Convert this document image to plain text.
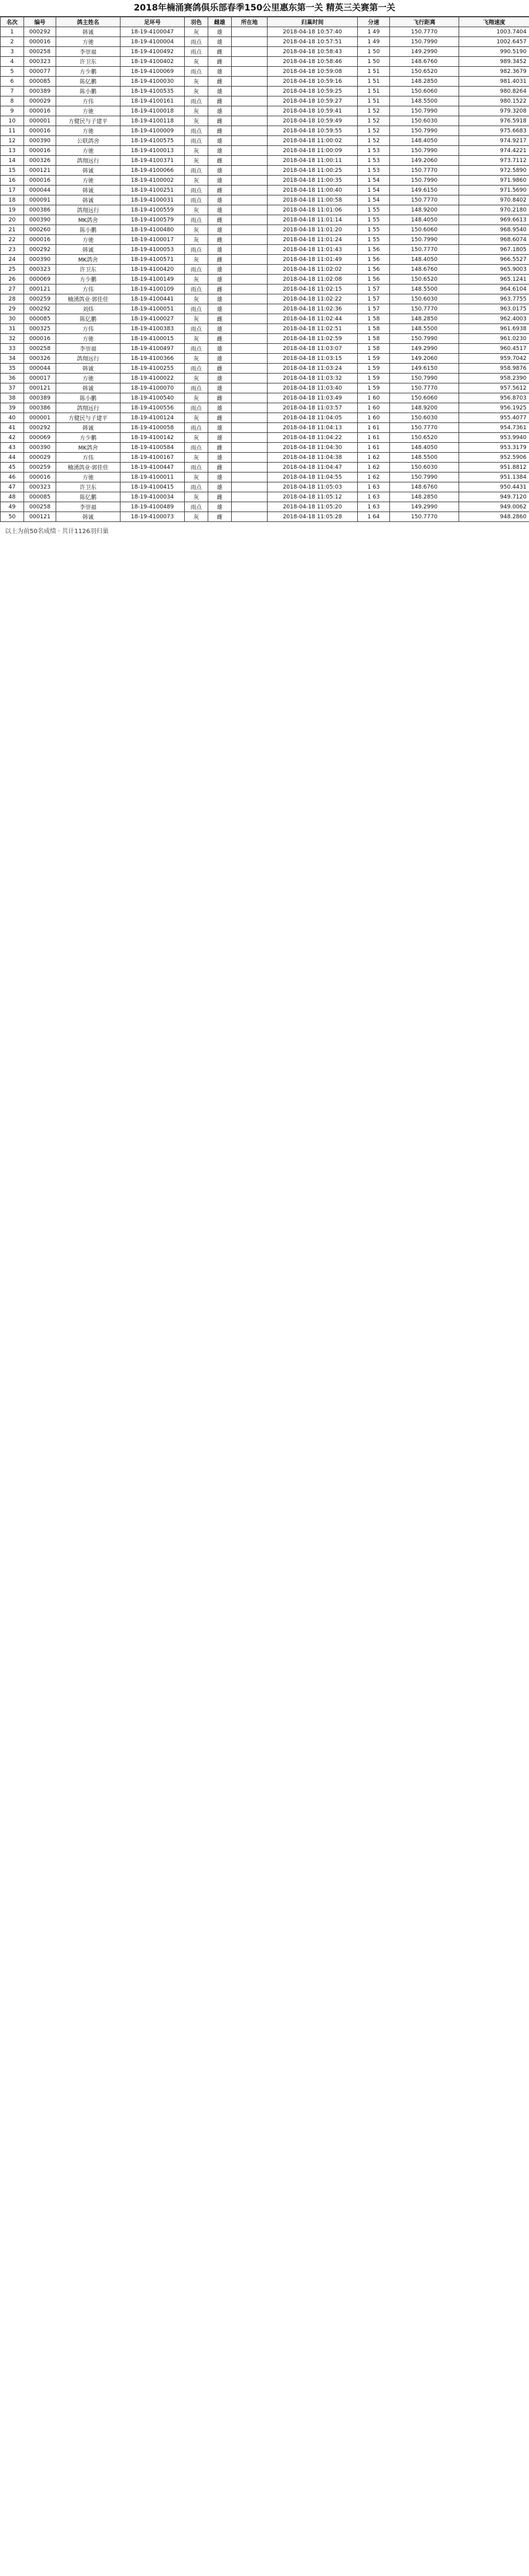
2018年楠涌赛鸽俱乐部春季150公里惠东第一关 精英三关赛第一关
名次	编号	鸽主姓名	足环号	羽色	雌雄	所在地	归巢时间	分速	飞行距离	飞翔速度
1	000292	韩诚	18-19-4100047	灰	雄		2018-04-18 10:57:40	1 49	150.7770	1003.7404
2	000016	方驰	18-19-4100004	雨点	雄		2018-04-18 10:57:51	1 49	150.7990	1002.6457
3	000258	李崇福	18-19-4100492	雨点	雌		2018-04-18 10:58:43	1 50	149.2990	990.5190
4	000323	许卫东	18-19-4100402	灰	雌		2018-04-18 10:58:46	1 50	148.6760	989.3452
5	000077	方少鹏	18-19-4100069	雨点	雄		2018-04-18 10:59:08	1 51	150.6520	982.3679
6	000085	陈亿鹏	18-19-4100030	灰	雌		2018-04-18 10:59:16	1 51	148.2850	981.4031
7	000389	陈小鹏	18-19-4100535	灰	雄		2018-04-18 10:59:25	1 51	150.6060	980.8264
8	000029	方伟	18-19-4100161	雨点	雌		2018-04-18 10:59:27	1 51	148.5500	980.1522
9	000016	方驰	18-19-4100018	灰	雄		2018-04-18 10:59:41	1 52	150.7990	979.3208
10	000001	方健民与子建平	18-19-4100118	灰	雌		2018-04-18 10:59:49	1 52	150.6030	976.5918
11	000016	方驰	18-19-4100009	雨点	雌		2018-04-18 10:59:55	1 52	150.7990	975.6683
12	000390	公联鸽舍	18-19-4100575	雨点	雄		2018-04-18 11:00:02	1 52	148.4050	974.9217
13	000016	方驰	18-19-4100013	灰	雄		2018-04-18 11:00:09	1 53	150.7990	974.4221
14	000326	鸽翔远行	18-19-4100371	灰	雌		2018-04-18 11:00:11	1 53	149.2060	973.7112
15	000121	韩诚	18-19-4100066	雨点	雄		2018-04-18 11:00:25	1 53	150.7770	972.5890
16	000016	方驰	18-19-4100002	灰	雄		2018-04-18 11:00:35	1 54	150.7990	971.9860
17	000044	韩诚	18-19-4100251	雨点	雌		2018-04-18 11:00:40	1 54	149.6150	971.5690
18	000091	韩诚	18-19-4100031	雨点	雄		2018-04-18 11:00:58	1 54	150.7770	970.8402
19	000386	鸽翔远行	18-19-4100559	灰	雄		2018-04-18 11:01:06	1 55	148.9200	970.2180
20	000390	MK鸽舍	18-19-4100579	雨点	雌		2018-04-18 11:01:14	1 55	148.4050	969.6613
21	000260	陈小鹏	18-19-4100480	灰	雄		2018-04-18 11:01:20	1 55	150.6060	968.9540
22	000016	方驰	18-19-4100017	灰	雌		2018-04-18 11:01:24	1 55	150.7990	968.6074
23	000292	韩诚	18-19-4100053	雨点	雄		2018-04-18 11:01:43	1 56	150.7770	967.1805
24	000390	MK鸽舍	18-19-4100571	灰	雌		2018-04-18 11:01:49	1 56	148.4050	966.5527
25	000323	许卫东	18-19-4100420	雨点	雄		2018-04-18 11:02:02	1 56	148.6760	965.9003
26	000069	方少鹏	18-19-4100149	灰	雄		2018-04-18 11:02:08	1 56	150.6520	965.1241
27	000121	方伟	18-19-4100109	雨点	雌		2018-04-18 11:02:15	1 57	148.5500	964.6104
28	000259	楠湧鸽业·郭佳佳	18-19-4100441	灰	雄		2018-04-18 11:02:22	1 57	150.6030	963.7755
29	000292	刘炜	18-19-4100051	雨点	雄		2018-04-18 11:02:36	1 57	150.7770	963.0175
30	000085	陈亿鹏	18-19-4100027	灰	雌		2018-04-18 11:02:44	1 58	148.2850	962.4003
31	000325	方伟	18-19-4100383	雨点	雄		2018-04-18 11:02:51	1 58	148.5500	961.6938
32	000016	方驰	18-19-4100015	灰	雌		2018-04-18 11:02:59	1 58	150.7990	961.0230
33	000258	李崇福	18-19-4100497	雨点	雄		2018-04-18 11:03:07	1 58	149.2990	960.4517
34	000326	鸽翔远行	18-19-4100366	灰	雄		2018-04-18 11:03:15	1 59	149.2060	959.7042
35	000044	韩诚	18-19-4100255	雨点	雌		2018-04-18 11:03:24	1 59	149.6150	958.9876
36	000017	方驰	18-19-4100022	灰	雄		2018-04-18 11:03:32	1 59	150.7990	958.2390
37	000121	韩诚	18-19-4100070	雨点	雄		2018-04-18 11:03:40	1 59	150.7770	957.5612
38	000389	陈小鹏	18-19-4100540	灰	雌		2018-04-18 11:03:49	1 60	150.6060	956.8703
39	000386	鸽翔远行	18-19-4100556	雨点	雄		2018-04-18 11:03:57	1 60	148.9200	956.1925
40	000001	方健民与子建平	18-19-4100124	灰	雌		2018-04-18 11:04:05	1 60	150.6030	955.4077
41	000292	韩诚	18-19-4100058	雨点	雄		2018-04-18 11:04:13	1 61	150.7770	954.7361
42	000069	方少鹏	18-19-4100142	灰	雄		2018-04-18 11:04:22	1 61	150.6520	953.9940
43	000390	MK鸽舍	18-19-4100584	雨点	雌		2018-04-18 11:04:30	1 61	148.4050	953.3179
44	000029	方伟	18-19-4100167	灰	雄		2018-04-18 11:04:38	1 62	148.5500	952.5906
45	000259	楠湧鸽业·郭佳佳	18-19-4100447	雨点	雌		2018-04-18 11:04:47	1 62	150.6030	951.8812
46	000016	方驰	18-19-4100011	灰	雄		2018-04-18 11:04:55	1 62	150.7990	951.1384
47	000323	许卫东	18-19-4100415	雨点	雄		2018-04-18 11:05:03	1 63	148.6760	950.4431
48	000085	陈亿鹏	18-19-4100034	灰	雌		2018-04-18 11:05:12	1 63	148.2850	949.7120
49	000258	李崇福	18-19-4100489	雨点	雄		2018-04-18 11:05:20	1 63	149.2990	949.0062
50	000121	韩诚	18-19-4100073	灰	雌		2018-04-18 11:05:28	1 64	150.7770	948.2860
以上为前50名成绩 · 共计1126羽归巢
